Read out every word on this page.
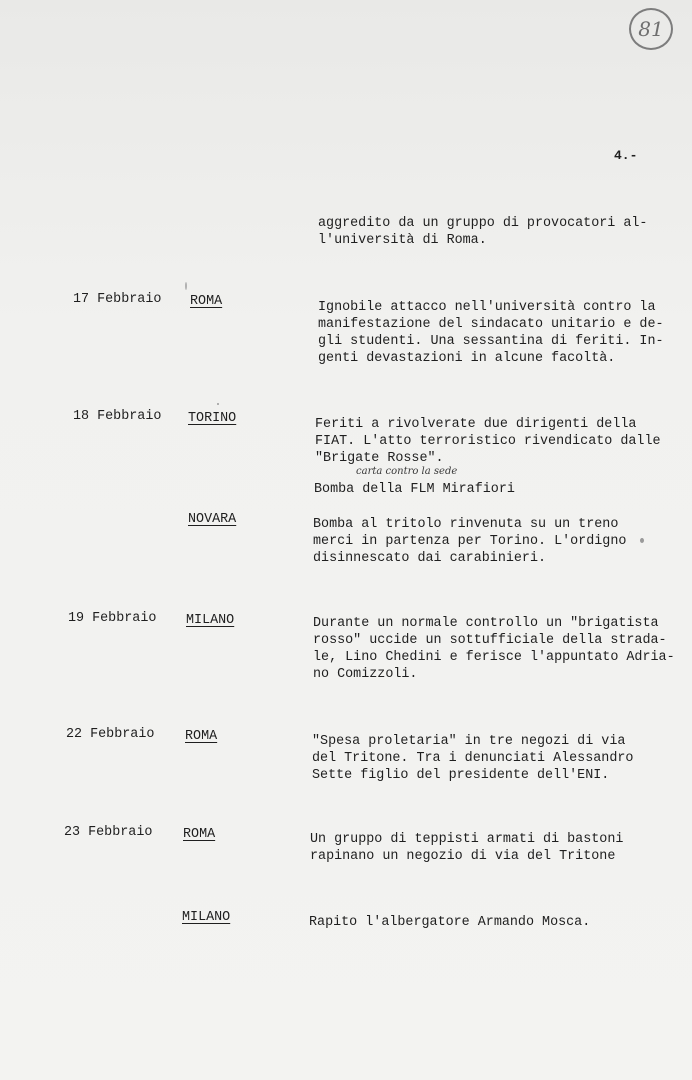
81
4.-
aggredito da un gruppo di provocatori al-
l'università di Roma.
17 Febbraio ROMA	Ignobile attacco nell'università contro la
manifestazione del sindacato unitario e de-
gli studenti. Una sessantina di feriti. In-
genti devastazioni in alcune facoltà.
18 Febbraio TORINO	Feriti a rivolverate due dirigenti della
FIAT. L'atto terroristico rivendicato dalle
"Brigate Rosse".
carta contro la sede
Bomba della FLM Mirafiori
NOVARA	Bomba al tritolo rinvenuta su un treno
merci in partenza per Torino. L'ordigno
disinnescato dai carabinieri.
19 Febbraio MILANO	Durante un normale controllo un "brigatista
rosso" uccide un sottufficiale della strada-
le, Lino Chedini e ferisce l'appuntato Adria-
no Comizzoli.
22 Febbraio ROMA	"Spesa proletaria" in tre negozi di via
del Tritone. Tra i denunciati Alessandro
Sette figlio del presidente dell'ENI.
23 Febbraio ROMA	Un gruppo di teppisti armati di bastoni
rapinano un negozio di via del Tritone
MILANO	Rapito l'albergatore Armando Mosca.
